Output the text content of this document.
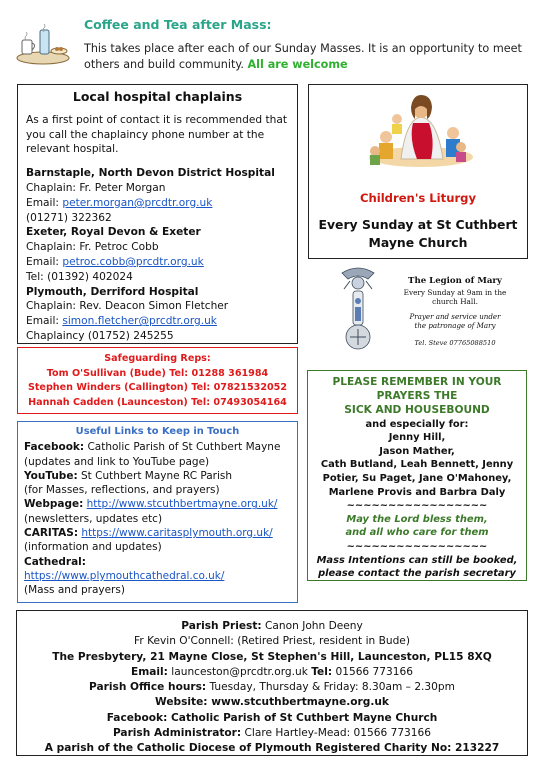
Coffee and Tea after Mass:
This takes place after each of our Sunday Masses. It is an opportunity to meet others and build community. All are welcome
Local hospital chaplains
As a first point of contact it is recommended that you call the chaplaincy phone number at the relevant hospital.
Barnstaple, North Devon District Hospital
Chaplain: Fr. Peter Morgan
Email: peter.morgan@prcdtr.org.uk
(01271) 322362
Exeter, Royal Devon & Exeter
Chaplain: Fr. Petroc Cobb
Email: petroc.cobb@prcdtr.org.uk
Tel: (01392) 402024
Plymouth, Derriford Hospital
Chaplain: Rev. Deacon Simon Fletcher
Email: simon.fletcher@prcdtr.org.uk
Chaplaincy (01752) 245255
Children's Liturgy
Every Sunday at St Cuthbert
Mayne Church
The Legion of Mary
Every Sunday at 9am in the
church Hall.
Prayer and service under
the patronage of Mary
Tel. Steve 07765088510
Safeguarding Reps:
Tom O'Sullivan (Bude) Tel: 01288 361984
Stephen Winders (Callington) Tel: 07821532052
Hannah Cadden (Launceston) Tel: 07493054164
Useful Links to Keep in Touch
Facebook: Catholic Parish of St Cuthbert Mayne
(updates and link to YouTube page)
YouTube: St Cuthbert Mayne RC Parish
(for Masses, reflections, and prayers)
Webpage: http://www.stcuthbertmayne.org.uk/
(newsletters, updates etc)
CARITAS: https://www.caritasplymouth.org.uk/
(information and updates)
Cathedral:
https://www.plymouthcathedral.co.uk/
(Mass and prayers)
PLEASE REMEMBER IN YOUR
PRAYERS THE
SICK AND HOUSEBOUND
and especially for:
Jenny Hill,
Jason Mather,
Cath Butland, Leah Bennett, Jenny
Potier, Su Paget, Jane O'Mahoney,
Marlene Provis and Barbra Daly
~~~~~~~~~~~~~~~~~
May the Lord bless them,
and all who care for them
~~~~~~~~~~~~~~~~~
Mass Intentions can still be booked,
please contact the parish secretary
Parish Priest: Canon John Deeny
Fr Kevin O'Connell: (Retired Priest, resident in Bude)
The Presbytery, 21 Mayne Close, St Stephen's Hill, Launceston, PL15 8XQ
Email: launceston@prcdtr.org.uk Tel: 01566 773166
Parish Office hours: Tuesday, Thursday & Friday: 8.30am – 2.30pm
Website: www.stcuthbertmayne.org.uk
Facebook: Catholic Parish of St Cuthbert Mayne Church
Parish Administrator: Clare Hartley-Mead: 01566 773166
A parish of the Catholic Diocese of Plymouth Registered Charity No: 213227
